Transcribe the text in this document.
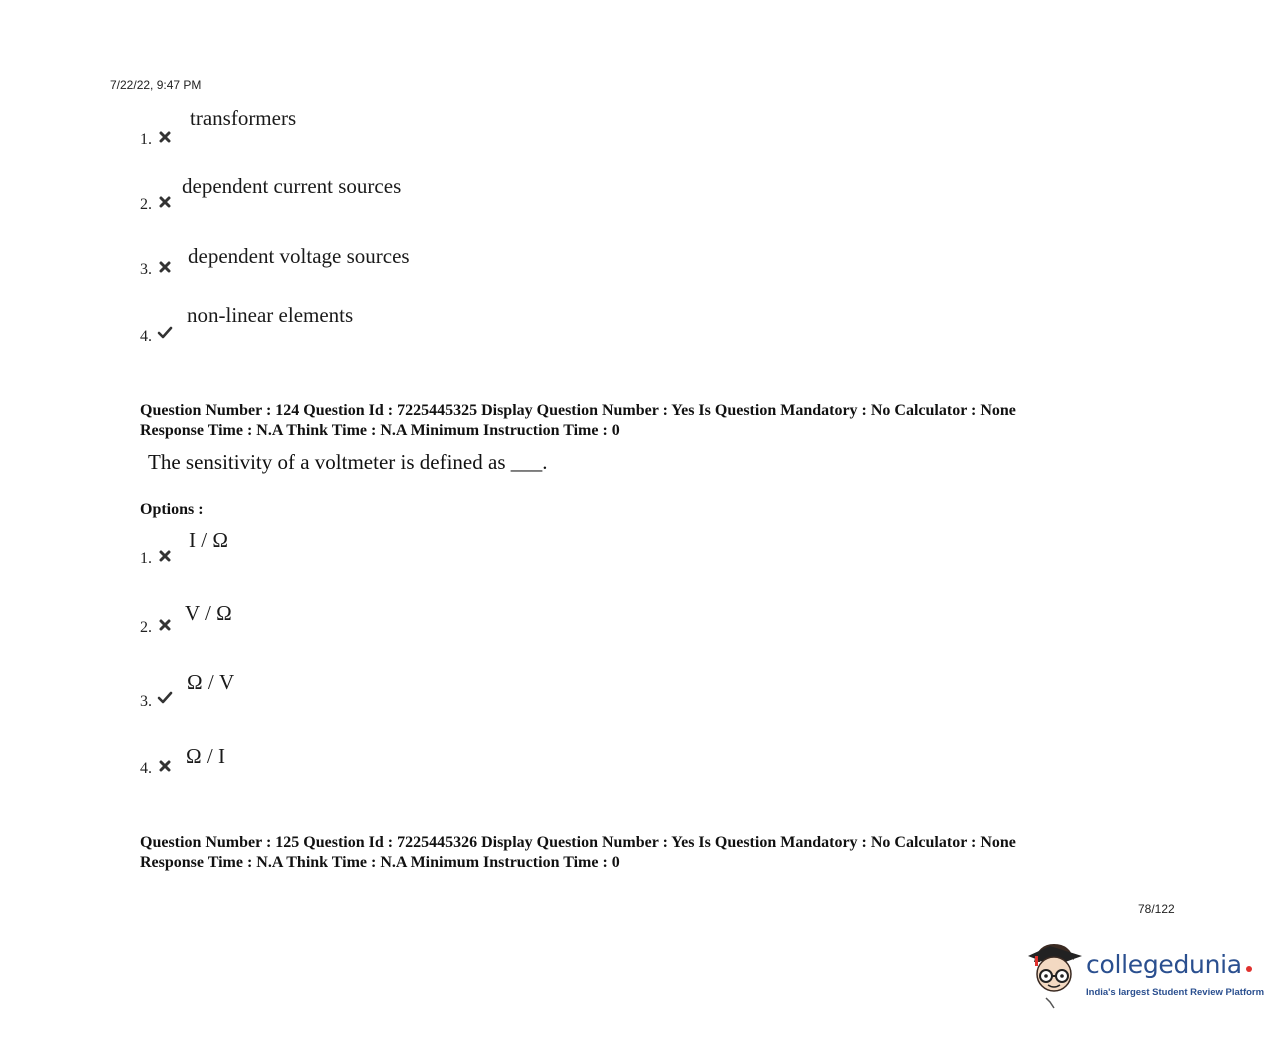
7/22/22, 9:47 PM
1.
transformers
2.
dependent current sources
3.
dependent voltage sources
4.
non-linear elements
Question Number : 124 Question Id : 7225445325 Display Question Number : Yes Is Question Mandatory : No Calculator : None
Response Time : N.A Think Time : N.A Minimum Instruction Time : 0
The sensitivity of a voltmeter is defined as ___.
Options :
1.
I / Ω
2.
V / Ω
3.
Ω / V
4.
Ω / I
Question Number : 125 Question Id : 7225445326 Display Question Number : Yes Is Question Mandatory : No Calculator : None
Response Time : N.A Think Time : N.A Minimum Instruction Time : 0
78/122
collegedunia
India's largest Student Review Platform
